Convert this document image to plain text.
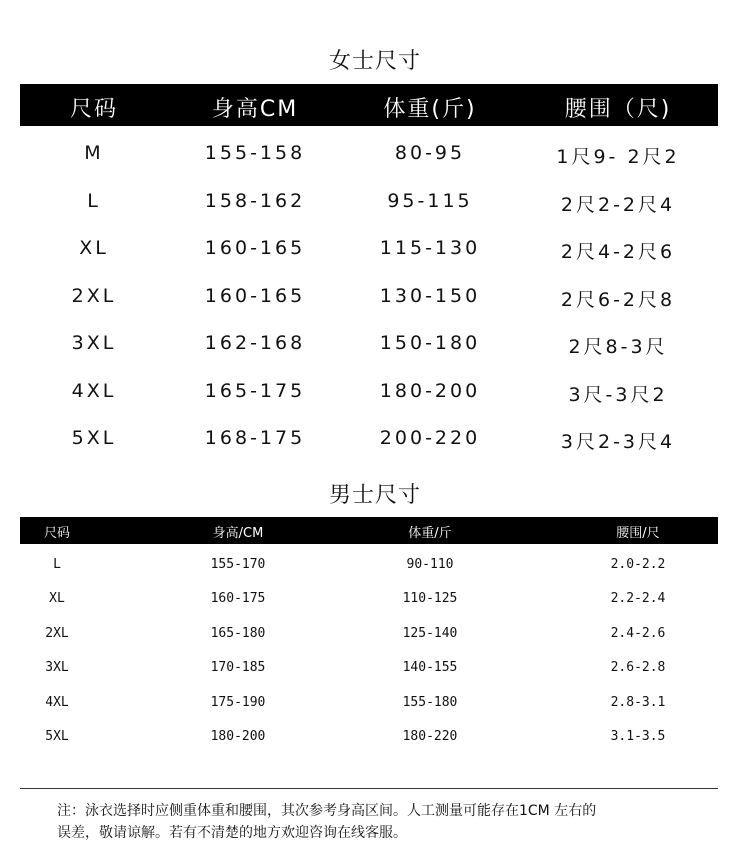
女士尺寸
尺码	身高CM	体重(斤)	腰围（尺)
M	155-158	80-95	1尺9- 2尺2
L	158-162	95-115	2尺2-2尺4
XL	160-165	115-130	2尺4-2尺6
2XL	160-165	130-150	2尺6-2尺8
3XL	162-168	150-180	2尺8-3尺
4XL	165-175	180-200	3尺-3尺2
5XL	168-175	200-220	3尺2-3尺4
男士尺寸
尺码	身高/CM	体重/斤	腰围/尺
L	155-170	90-110	2.0-2.2
XL	160-175	110-125	2.2-2.4
2XL	165-180	125-140	2.4-2.6
3XL	170-185	140-155	2.6-2.8
4XL	175-190	155-180	2.8-3.1
5XL	180-200	180-220	3.1-3.5
注：泳衣选择时应侧重体重和腰围，其次参考身高区间。人工测量可能存在1CM 左右的
误差，敬请谅解。若有不清楚的地方欢迎咨询在线客服。
